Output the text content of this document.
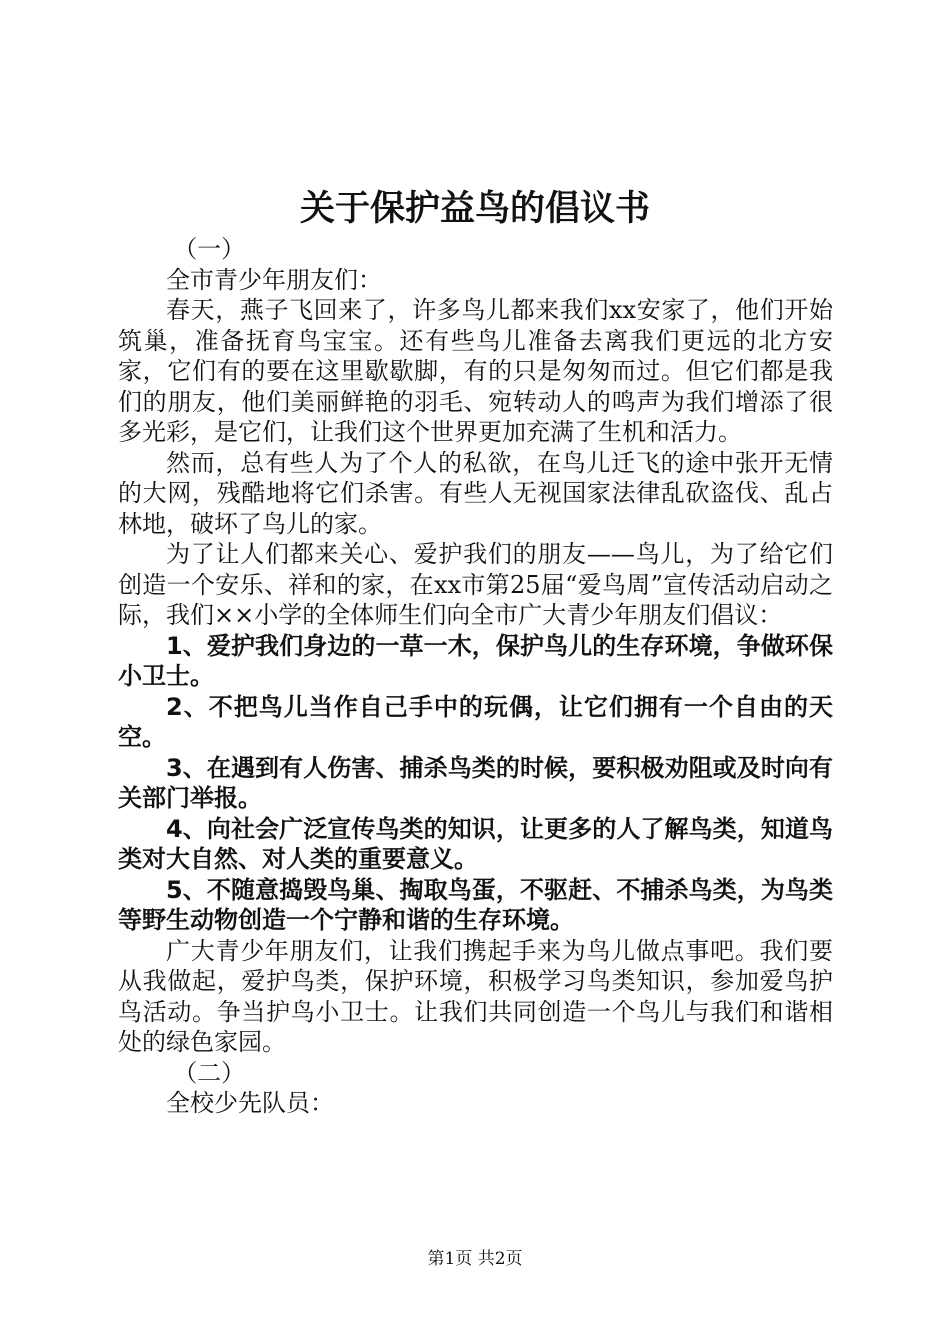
关于保护益鸟的倡议书

（一）

全市青少年朋友们：

春天，燕子飞回来了，许多鸟儿都来我们xx安家了，他们开始筑巢，准备抚育鸟宝宝。还有些鸟儿准备去离我们更远的北方安家，它们有的要在这里歇歇脚，有的只是匆匆而过。但它们都是我们的朋友，他们美丽鲜艳的羽毛、宛转动人的鸣声为我们增添了很多光彩，是它们，让我们这个世界更加充满了生机和活力。

然而，总有些人为了个人的私欲，在鸟儿迁飞的途中张开无情的大网，残酷地将它们杀害。有些人无视国家法律乱砍盗伐、乱占林地，破坏了鸟儿的家。

为了让人们都来关心、爱护我们的朋友——鸟儿，为了给它们创造一个安乐、祥和的家，在xx市第25届“爱鸟周”宣传活动启动之际，我们××小学的全体师生们向全市广大青少年朋友们倡议：

1、爱护我们身边的一草一木，保护鸟儿的生存环境，争做环保小卫士。

2、不把鸟儿当作自己手中的玩偶，让它们拥有一个自由的天空。

3、在遇到有人伤害、捕杀鸟类的时候，要积极劝阻或及时向有关部门举报。

4、向社会广泛宣传鸟类的知识，让更多的人了解鸟类，知道鸟类对大自然、对人类的重要意义。

5、不随意捣毁鸟巢、掏取鸟蛋，不驱赶、不捕杀鸟类，为鸟类等野生动物创造一个宁静和谐的生存环境。

广大青少年朋友们，让我们携起手来为鸟儿做点事吧。我们要从我做起，爱护鸟类，保护环境，积极学习鸟类知识，参加爱鸟护鸟活动。争当护鸟小卫士。让我们共同创造一个鸟儿与我们和谐相处的绿色家园。

（二）

全校少先队员：

第1页 共2页
